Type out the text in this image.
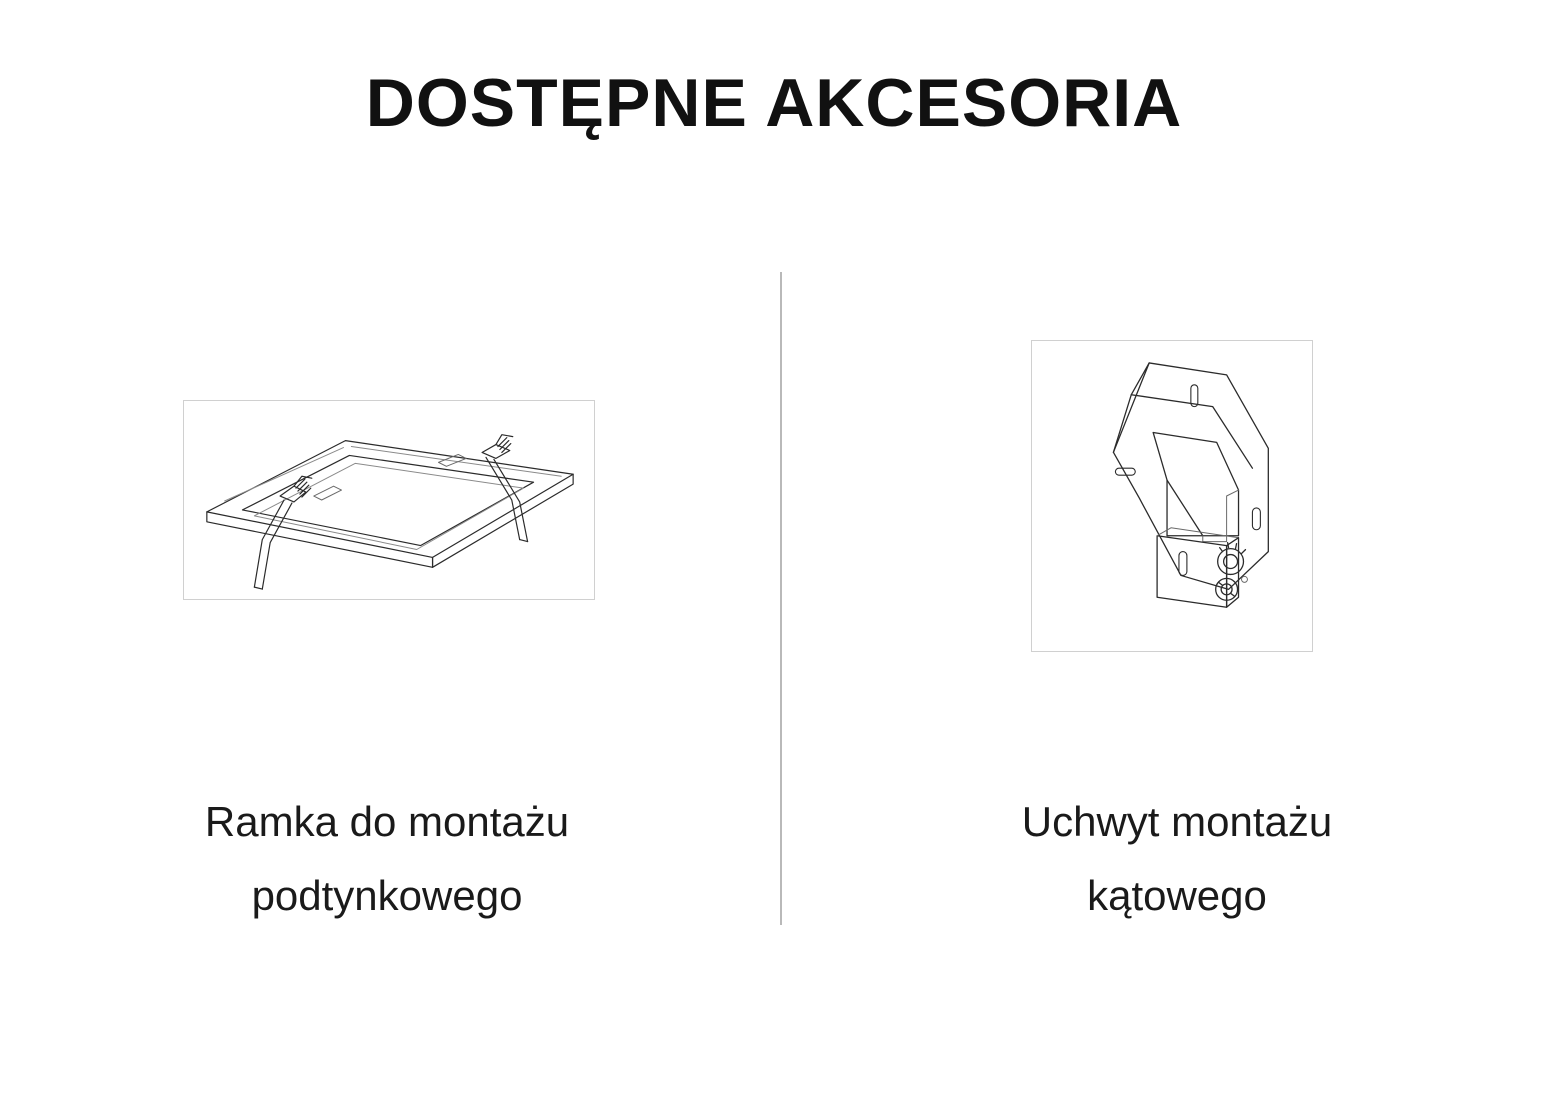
DOSTĘPNE AKCESORIA
Ramka do montażu
podtynkowego
Uchwyt montażu
kątowego
